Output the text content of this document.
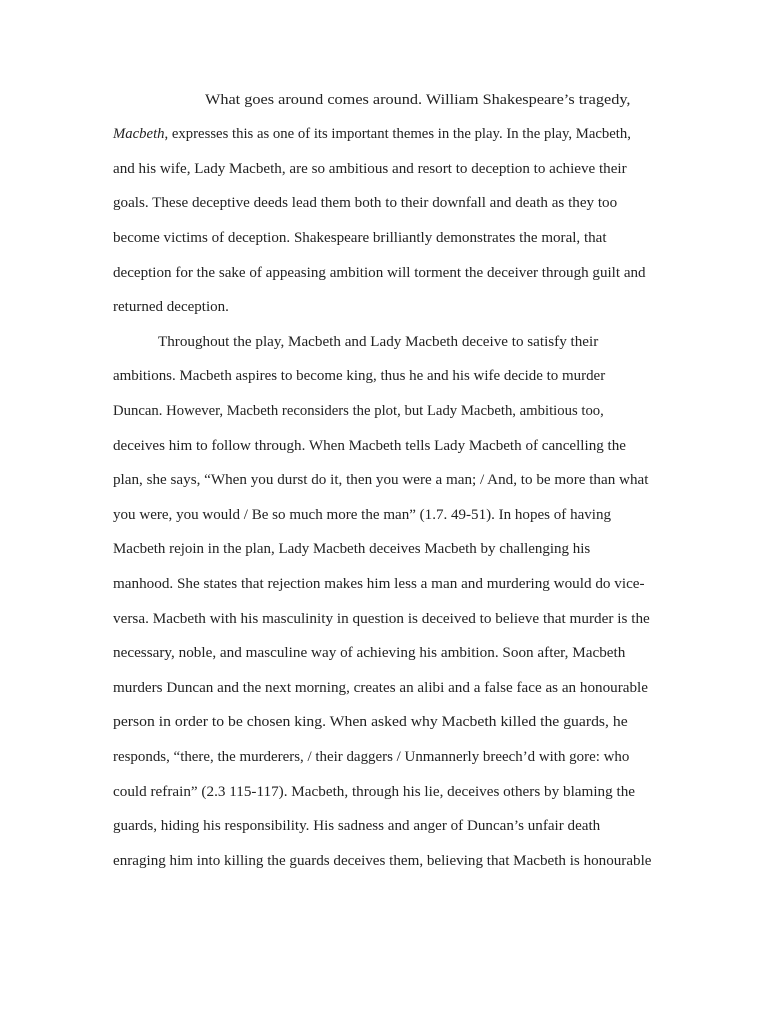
What goes around comes around. William Shakespeare’s tragedy,
Macbeth, expresses this as one of its important themes in the play. In the play, Macbeth,
and his wife, Lady Macbeth, are so ambitious and resort to deception to achieve their
goals. These deceptive deeds lead them both to their downfall and death as they too
become victims of deception. Shakespeare brilliantly demonstrates the moral, that
deception for the sake of appeasing ambition will torment the deceiver through guilt and
returned deception.
Throughout the play, Macbeth and Lady Macbeth deceive to satisfy their
ambitions. Macbeth aspires to become king, thus he and his wife decide to murder
Duncan. However, Macbeth reconsiders the plot, but Lady Macbeth, ambitious too,
deceives him to follow through. When Macbeth tells Lady Macbeth of cancelling the
plan, she says, “When you durst do it, then you were a man; / And, to be more than what
you were, you would / Be so much more the man” (1.7. 49-51). In hopes of having
Macbeth rejoin in the plan, Lady Macbeth deceives Macbeth by challenging his
manhood. She states that rejection makes him less a man and murdering would do vice-
versa. Macbeth with his masculinity in question is deceived to believe that murder is the
necessary, noble, and masculine way of achieving his ambition. Soon after, Macbeth
murders Duncan and the next morning, creates an alibi and a false face as an honourable
person in order to be chosen king. When asked why Macbeth killed the guards, he
responds, “there, the murderers, / their daggers / Unmannerly breech’d with gore: who
could refrain” (2.3 115-117). Macbeth, through his lie, deceives others by blaming the
guards, hiding his responsibility. His sadness and anger of Duncan’s unfair death
enraging him into killing the guards deceives them, believing that Macbeth is honourable
